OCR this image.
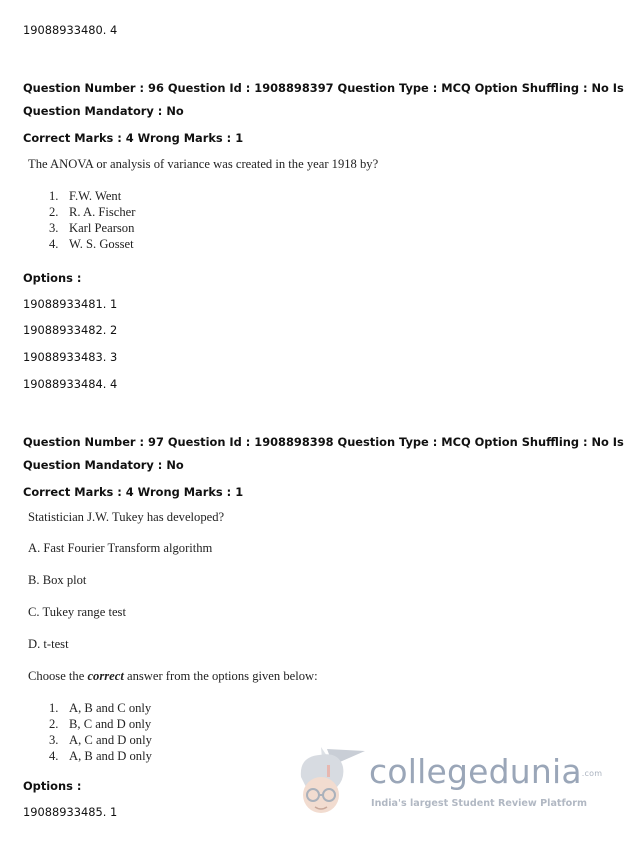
19088933480. 4
Question Number : 96 Question Id : 1908898397 Question Type : MCQ Option Shuffling : No Is
Question Mandatory : No
Correct Marks : 4 Wrong Marks : 1
The ANOVA or analysis of variance was created in the year 1918 by?
1. F.W. Went
2. R. A. Fischer
3. Karl Pearson
4. W. S. Gosset
Options :
19088933481. 1
19088933482. 2
19088933483. 3
19088933484. 4
Question Number : 97 Question Id : 1908898398 Question Type : MCQ Option Shuffling : No Is
Question Mandatory : No
Correct Marks : 4 Wrong Marks : 1
Statistician J.W. Tukey has developed?
A. Fast Fourier Transform algorithm
B. Box plot
C. Tukey range test
D. t-test
Choose the correct answer from the options given below:
1. A, B and C only
2. B, C and D only
3. A, C and D only
4. A, B and D only
Options :
19088933485. 1
collegedunia.com
India's largest Student Review Platform
